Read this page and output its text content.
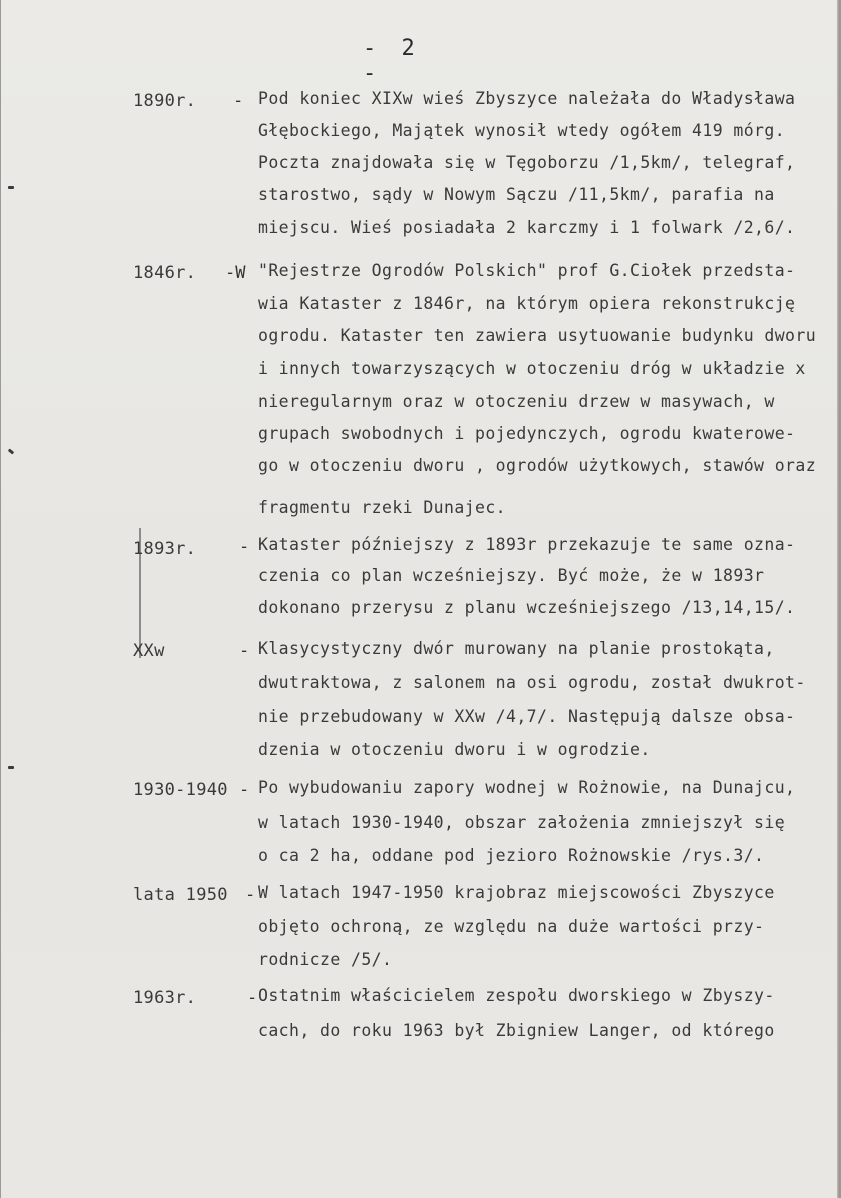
- 2 -
1890r. - Pod koniec XIXw wieś Zbyszyce należała do Władysława
Głębockiego, Majątek wynosił wtedy ogółem 419 mórg.
Poczta znajdowała się w Tęgoborzu /1,5km/, telegraf,
starostwo, sądy w Nowym Sączu /11,5km/, parafia na
miejscu. Wieś posiadała 2 karczmy i 1 folwark /2,6/.
1846r. -W "Rejestrze Ogrodów Polskich" prof G.Ciołek przedsta-
wia Kataster z 1846r, na którym opiera rekonstrukcję
ogrodu. Kataster ten zawiera usytuowanie budynku dworu
i innych towarzyszących w otoczeniu dróg w układzie x
nieregularnym oraz w otoczeniu drzew w masywach, w
grupach swobodnych i pojedynczych, ogrodu kwaterowe-
go w otoczeniu dworu , ogrodów użytkowych, stawów oraz
fragmentu rzeki Dunajec.
1893r.	- Kataster późniejszy z 1893r przekazuje te same ozna-
czenia co plan wcześniejszy. Być może, że w 1893r
dokonano przerysu z planu wcześniejszego /13,14,15/.
XXw	- Klasycystyczny dwór murowany na planie prostokąta,
dwutraktowa, z salonem na osi ogrodu, został dwukrot-
nie przebudowany w XXw /4,7/. Następują dalsze obsa-
dzenia w otoczeniu dworu i w ogrodzie.
1930-1940 - Po wybudowaniu zapory wodnej w Rożnowie, na Dunajcu,
w latach 1930-1940, obszar założenia zmniejszył się
o ca 2 ha, oddane pod jezioro Rożnowskie /rys.3/.
lata 1950 - W latach 1947-1950 krajobraz miejscowości Zbyszyce
objęto ochroną, ze względu na duże wartości przy-
rodnicze /5/.
1963r.	- Ostatnim właścicielem zespołu dworskiego w Zbyszy-
cach, do roku 1963 był Zbigniew Langer, od którego
